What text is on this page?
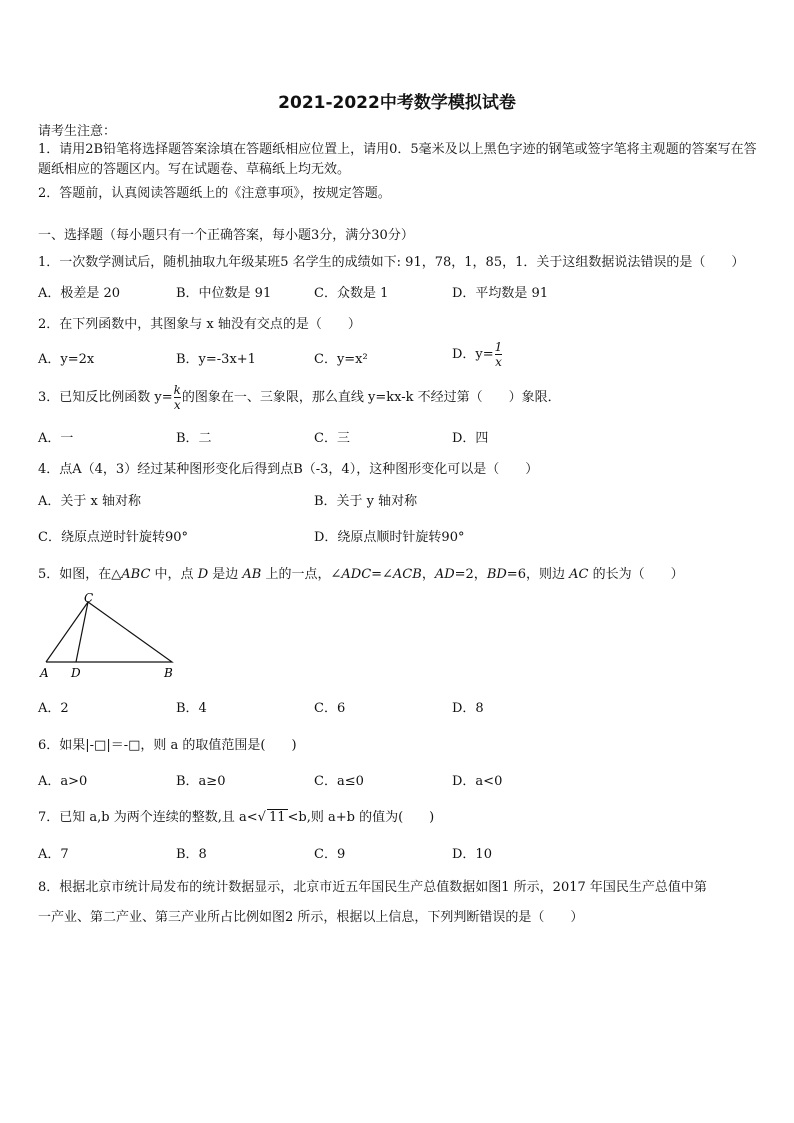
2021-2022中考数学模拟试卷
请考生注意：
1．请用2B铅笔将选择题答案涂填在答题纸相应位置上，请用0．5毫米及以上黑色字迹的钢笔或签字笔将主观题的答案写在答题纸相应的答题区内。写在试题卷、草稿纸上均无效。
2．答题前，认真阅读答题纸上的《注意事项》，按规定答题。
一、选择题（每小题只有一个正确答案，每小题3分，满分30分）
1．一次数学测试后，随机抽取九年级某班5 名学生的成绩如下: 91，78，1，85，1．关于这组数据说法错误的是（　　）
A．极差是 20	B．中位数是 91	C．众数是 1	D．平均数是 91
2．在下列函数中，其图象与 x 轴没有交点的是（　　）
A．y=2x	B．y=-3x+1	C．y=x²	D．$y= \frac{1}{x}$
3．已知反比例函数 $y= \frac{k}{x}$ 的图象在一、三象限，那么直线 y=kx-k 不经过第（　　）象限．
A．一	B．二	C．三	D．四
4．点A（4，3）经过某种图形变化后得到点B（-3，4），这种图形变化可以是（　　）
A．关于 x 轴对称	B．关于 y 轴对称
C．绕原点逆时针旋转90°	D．绕原点顺时针旋转90°
5．如图，在△ABC 中，点 D 是边 AB 上的一点，∠ADC=∠ACB，AD=2，BD=6，则边 AC 的长为（　　）
C
A D	B
A．2	B．4	C．6	D．8
6．如果|-□|＝-□，则 a 的取值范围是(　　)
A．a>0	B．a≥0	C．a≤0	D．a<0
7．已知 a,b 为两个连续的整数,且 a<√ 11 <b,则 a+b 的值为(　　)
A．7	B．8	C．9	D．10
8．根据北京市统计局发布的统计数据显示，北京市近五年国民生产总值数据如图1 所示，2017 年国民生产总值中第
一产业、第二产业、第三产业所占比例如图2 所示，根据以上信息，下列判断错误的是（　　）
